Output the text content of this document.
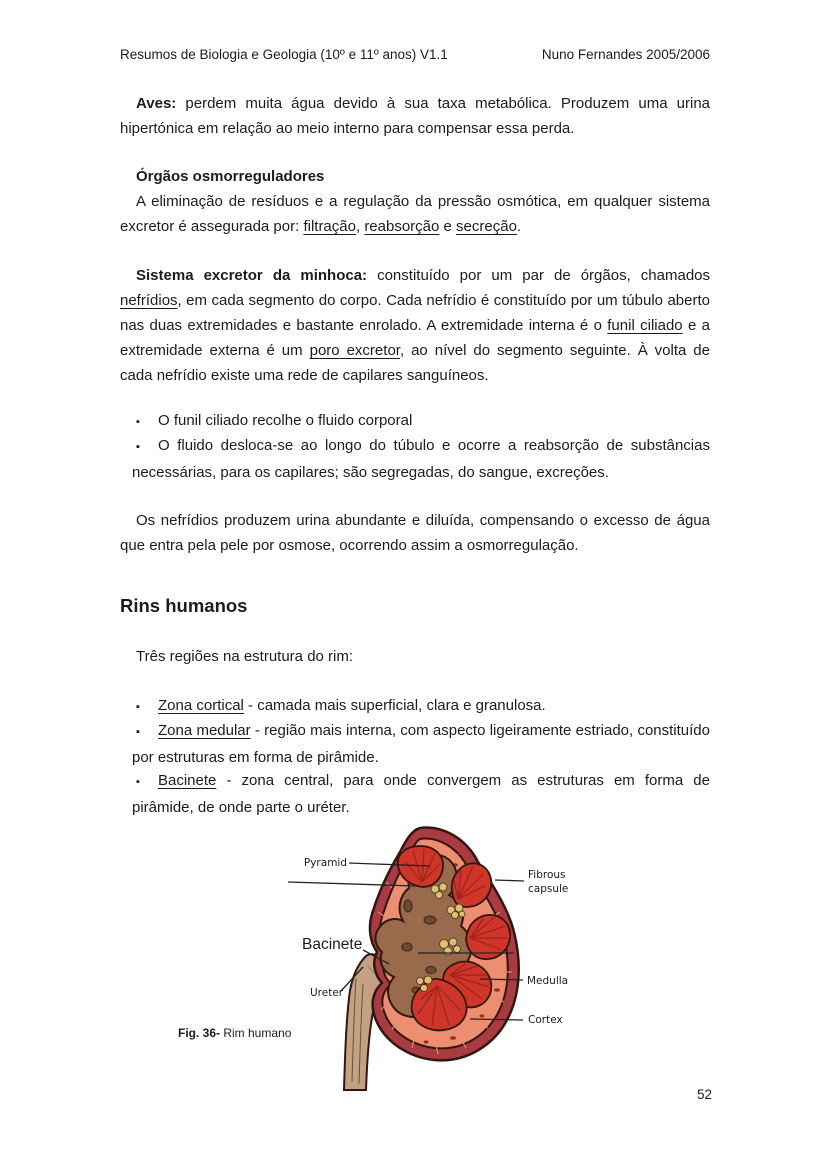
Resumos de Biologia e Geologia (10º e 11º anos) V1.1	Nuno Fernandes 2005/2006

Aves: perdem muita água devido à sua taxa metabólica. Produzem uma urina hipertónica em relação ao meio interno para compensar essa perda.

Órgãos osmorreguladores

A eliminação de resíduos e a regulação da pressão osmótica, em qualquer sistema excretor é assegurada por: filtração, reabsorção e secreção.

Sistema excretor da minhoca: constituído por um par de órgãos, chamados nefrídios, em cada segmento do corpo. Cada nefrídio é constituído por um túbulo aberto nas duas extremidades e bastante enrolado. A extremidade interna é o funil ciliado e a extremidade externa é um poro excretor, ao nível do segmento seguinte. À volta de cada nefrídio existe uma rede de capilares sanguíneos.

▪ O funil ciliado recolhe o fluido corporal

▪ O fluido desloca-se ao longo do túbulo e ocorre a reabsorção de substâncias necessárias, para os capilares; são segregadas, do sangue, excreções.

Os nefrídios produzem urina abundante e diluída, compensando o excesso de água que entra pela pele por osmose, ocorrendo assim a osmorregulação.

Rins humanos

Três regiões na estrutura do rim:

▪ Zona cortical - camada mais superficial, clara e granulosa.

▪ Zona medular - região mais interna, com aspecto ligeiramente estriado, constituído por estruturas em forma de pirâmide.

▪ Bacinete - zona central, para onde convergem as estruturas em forma de pirâmide, de onde parte o uréter.

Pyramid
Fibrous
capsule
Bacinete
Ureter
Medulla
Cortex
Fig. 36- Rim humano
52
